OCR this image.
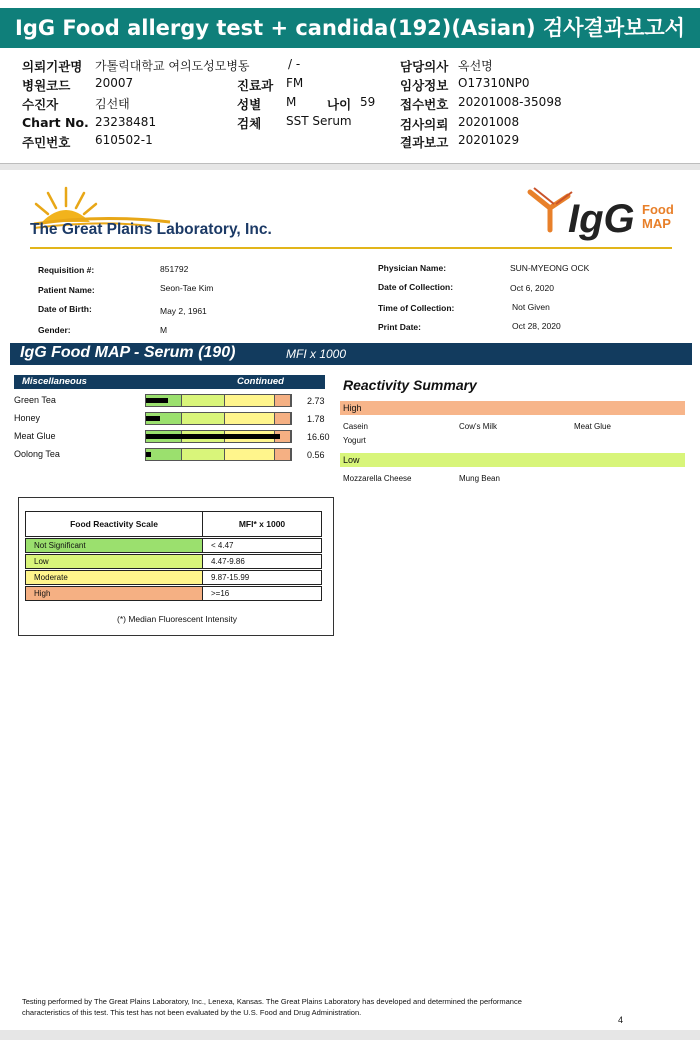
IgG Food allergy test + candida(192)(Asian) 검사결과보고서
의뢰기관명 가톨릭대학교 여의도성모병동	/ -	담당의사 옥선명
병원코드 20007	진료과 FM	임상정보 O17310NP0
수진자	김선태	성별 M 나이 59 접수번호 20201008-35098
Chart No. 23238481	검체 SST Serum	검사의뢰 20201008
주민번호 610502-1	결과보고 20201029
The Great Plains Laboratory, Inc.	IgG Food
MAP
Requisition #:	851792
Patient Name:	Seon-Tae Kim
Date of Birth:	May 2, 1961
Gender:	M
Physician Name:	SUN-MYEONG OCK
Date of Collection:	Oct 6, 2020
Time of Collection:	Not Given
Print Date:	Oct 28, 2020
IgG Food MAP - Serum (190)	MFI x 1000
Miscellaneous	Continued
Green Tea	2.73
Honey	1.78
Meat Glue	16.60
Oolong Tea	0.56
Reactivity Summary
High
Casein	Cow's Milk	Meat Glue
Yogurt
Low
Mozzarella Cheese	Mung Bean
Food Reactivity Scale	MFI* x 1000
Not Significant	< 4.47
Low	4.47-9.86
Moderate	9.87-15.99
High	>=16
(*) Median Fluorescent Intensity
Testing performed by The Great Plains Laboratory, Inc., Lenexa, Kansas. The Great Plains Laboratory has developed and determined the performance
characteristics of this test. This test has not been evaluated by the U.S. Food and Drug Administration.
4
